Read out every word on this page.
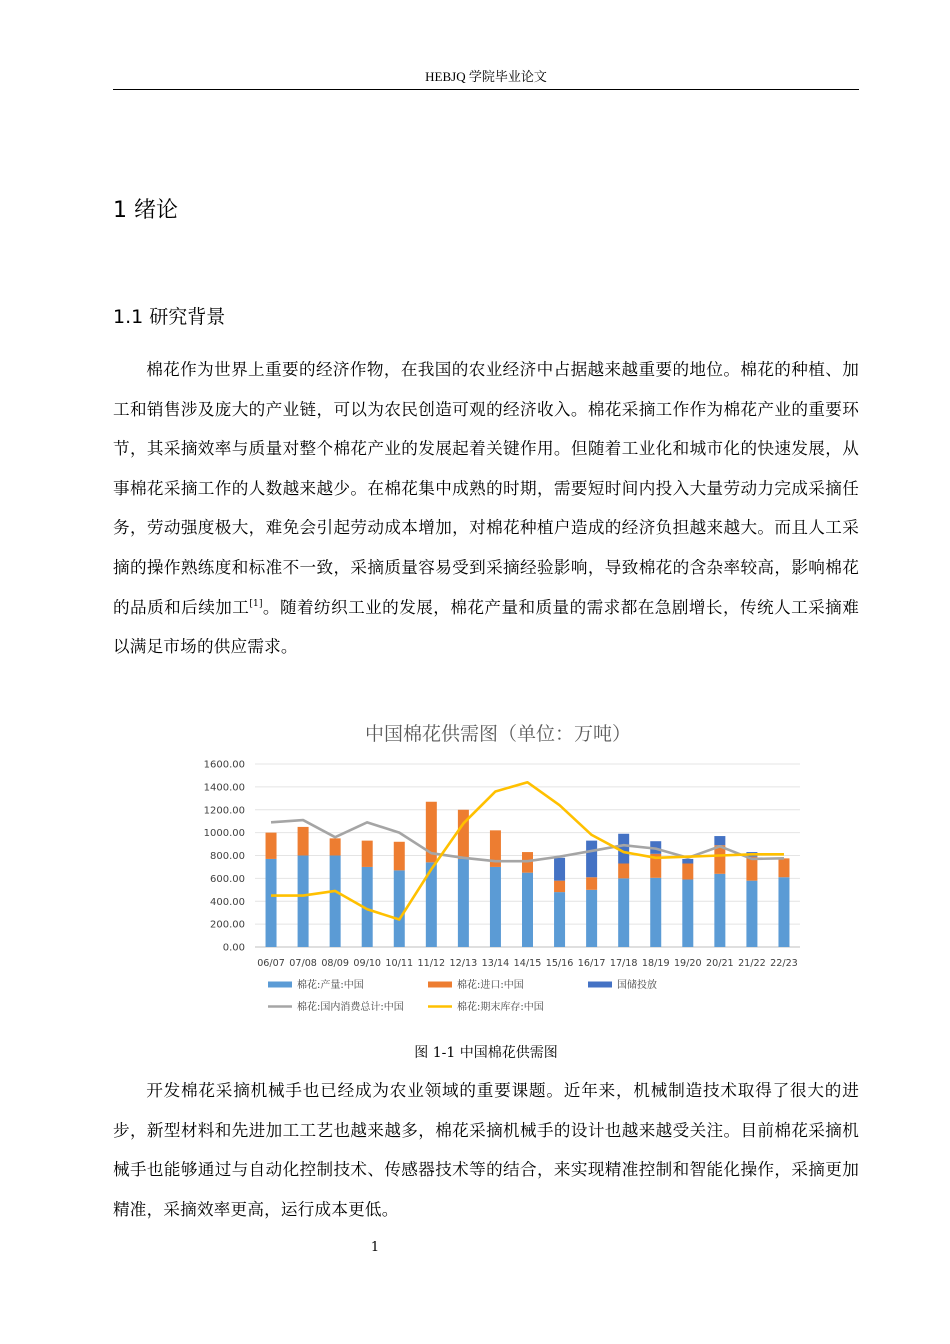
HEBJQ 学院毕业论文
1 绪论
1.1 研究背景

棉花作为世界上重要的经济作物，在我国的农业经济中占据越来越重要的地位。棉花的种植、加工和销售涉及庞大的产业链，可以为农民创造可观的经济收入。棉花采摘工作作为棉花产业的重要环节，其采摘效率与质量对整个棉花产业的发展起着关键作用。但随着工业化和城市化的快速发展，从事棉花采摘工作的人数越来越少。在棉花集中成熟的时期，需要短时间内投入大量劳动力完成采摘任务，劳动强度极大，难免会引起劳动成本增加，对棉花种植户造成的经济负担越来越大。而且人工采摘的操作熟练度和标准不一致，采摘质量容易受到采摘经验影响，导致棉花的含杂率较高，影响棉花的品质和后续加工[1]。随着纺织工业的发展，棉花产量和质量的需求都在急剧增长，传统人工采摘难以满足市场的供应需求。

中国棉花供需图（单位：万吨）
0.00
200.00
400.00
600.00
800.00
1000.00
1200.00
1400.00
1600.00
06/07 07/08 08/09 09/10 10/11 11/12 12/13 13/14 14/15 15/16 16/17 17/18 18/19 19/20 20/21 21/22 22/23
棉花:产量:中国	棉花:进口:中国	国储投放
棉花:国内消费总计:中国	棉花:期末库存:中国
图 1-1 中国棉花供需图

开发棉花采摘机械手也已经成为农业领域的重要课题。近年来，机械制造技术取得了很大的进步，新型材料和先进加工工艺也越来越多，棉花采摘机械手的设计也越来越受关注。目前棉花采摘机械手也能够通过与自动化控制技术、传感器技术等的结合，来实现精准控制和智能化操作，采摘更加精准，采摘效率更高，运行成本更低。

1
